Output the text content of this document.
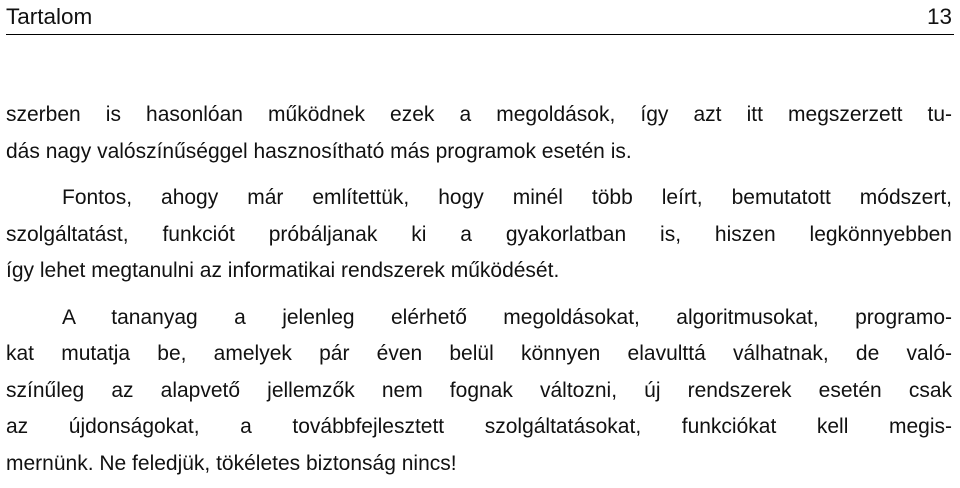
Tartalom	13

szerben is hasonlóan működnek ezek a megoldások, így azt itt megszerzett tu-
dás nagy valószínűséggel hasznosítható más programok esetén is.

Fontos, ahogy már említettük, hogy minél több leírt, bemutatott módszert,
szolgáltatást, funkciót próbáljanak ki a gyakorlatban is, hiszen legkönnyebben
így lehet megtanulni az informatikai rendszerek működését.

A tananyag a jelenleg elérhető megoldásokat, algoritmusokat, programo-
kat mutatja be, amelyek pár éven belül könnyen elavulttá válhatnak, de való-
színűleg az alapvető jellemzők nem fognak változni, új rendszerek esetén csak
az újdonságokat, a továbbfejlesztett szolgáltatásokat, funkciókat kell megis-
mernünk. Ne feledjük, tökéletes biztonság nincs!
